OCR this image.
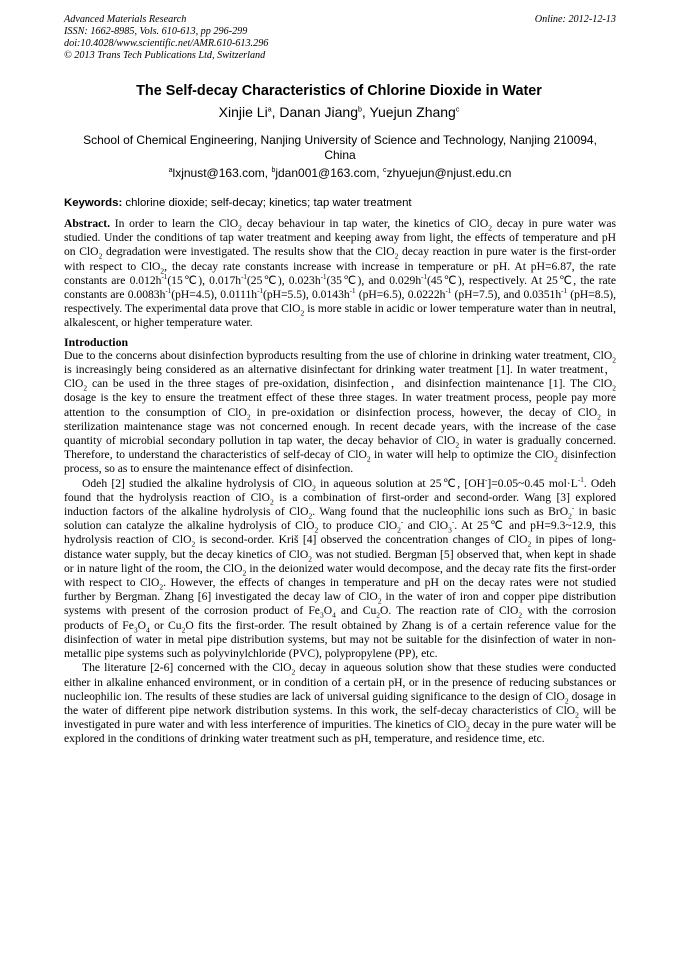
Advanced Materials Research
ISSN: 1662-8985, Vols. 610-613, pp 296-299
doi:10.4028/www.scientific.net/AMR.610-613.296
© 2013 Trans Tech Publications Ltd, Switzerland
Online: 2012-12-13
The Self-decay Characteristics of Chlorine Dioxide in Water
Xinjie Li$^a$, Danan Jiang$^b$, Yuejun Zhang$^c$
School of Chemical Engineering, Nanjing University of Science and Technology, Nanjing 210094,
China
$^a$lxjnust@163.com, $^b$jdan001@163.com, $^c$zhyuejun@njust.edu.cn
Keywords: chlorine dioxide; self-decay; kinetics; tap water treatment

Abstract. In order to learn the ClO$_2$ decay behaviour in tap water, the kinetics of ClO$_2$ decay in pure water was studied. Under the conditions of tap water treatment and keeping away from light, the effects of temperature and pH on ClO$_2$ degradation were investigated. The results show that the ClO$_2$ decay reaction in pure water is the first-order with respect to ClO$_2$, the decay rate constants increase with increase in temperature or pH. At pH=6.87, the rate constants are $0.012h^{-1}(15℃)$, $0.017h^{-1}(25℃)$, $0.023h^{-1}(35℃)$, and $0.029h^{-1}(45℃)$, respectively. At 25℃, the rate constants are $0.0083h^{-1}(pH=4.5)$, $0.0111h^{-1}(pH=5.5)$, $0.0143h^{-1}$ (pH=6.5), $0.0222h^{-1}$ (pH=7.5), and $0.0351h^{-1}$ (pH=8.5), respectively. The experimental data prove that ClO$_2$ is more stable in acidic or lower temperature water than in neutral, alkalescent, or higher temperature water.

Introduction

Due to the concerns about disinfection byproducts resulting from the use of chlorine in drinking water treatment, ClO$_2$ is increasingly being considered as an alternative disinfectant for drinking water treatment [1]. In water treatment，ClO$_2$ can be used in the three stages of pre-oxidation, disinfection，and disinfection maintenance [1]. The ClO$_2$ dosage is the key to ensure the treatment effect of these three stages. In water treatment process, people pay more attention to the consumption of ClO$_2$ in pre-oxidation or disinfection process, however, the decay of ClO$_2$ in sterilization maintenance stage was not concerned enough. In recent decade years, with the increase of the case quantity of microbial secondary pollution in tap water, the decay behavior of ClO$_2$ in water is gradually concerned. Therefore, to understand the characteristics of self-decay of ClO$_2$ in water will help to optimize the ClO$_2$ disinfection process, so as to ensure the maintenance effect of disinfection.

Odeh [2] studied the alkaline hydrolysis of ClO$_2$ in aqueous solution at 25℃, [OH-]=0.05~0.45 $mol\cdot L^{-1}$. Odeh found that the hydrolysis reaction of ClO$_2$ is a combination of first-order and second-order. Wang [3] explored induction factors of the alkaline hydrolysis of ClO$_2$. Wang found that the nucleophilic ions such as BrO$_2$- in basic solution can catalyze the alkaline hydrolysis of ClO$_2$ to produce ClO$_2$- and ClO$_3$-. At 25℃ and pH=9.3~12.9, this hydrolysis reaction of ClO$_2$ is second-order. Kriš [4] observed the concentration changes of ClO$_2$ in pipes of long-distance water supply, but the decay kinetics of ClO$_2$ was not studied. Bergman [5] observed that, when kept in shade or in nature light of the room, the ClO$_2$ in the deionized water would decompose, and the decay rate fits the first-order with respect to ClO$_2$. However, the effects of changes in temperature and pH on the decay rates were not studied further by Bergman. Zhang [6] investigated the decay law of ClO$_2$ in the water of iron and copper pipe distribution systems with present of the corrosion product of $Fe_3O_4$ and $Cu_2O$. The reaction rate of ClO$_2$ with the corrosion products of $Fe_3O_4$ or $Cu_2O$ fits the first-order. The result obtained by Zhang is of a certain reference value for the disinfection of water in metal pipe distribution systems, but may not be suitable for the disinfection of water in non-metallic pipe systems such as polyvinylchloride (PVC), polypropylene (PP), etc.

The literature [2-6] concerned with the ClO$_2$ decay in aqueous solution show that these studies were conducted either in alkaline enhanced environment, or in condition of a certain pH, or in the presence of reducing substances or nucleophilic ion. The results of these studies are lack of universal guiding significance to the design of ClO$_2$ dosage in the water of different pipe network distribution systems. In this work, the self-decay characteristics of ClO$_2$ will be investigated in pure water and with less interference of impurities. The kinetics of ClO$_2$ decay in the pure water will be explored in the conditions of drinking water treatment such as pH, temperature, and residence time, etc.
